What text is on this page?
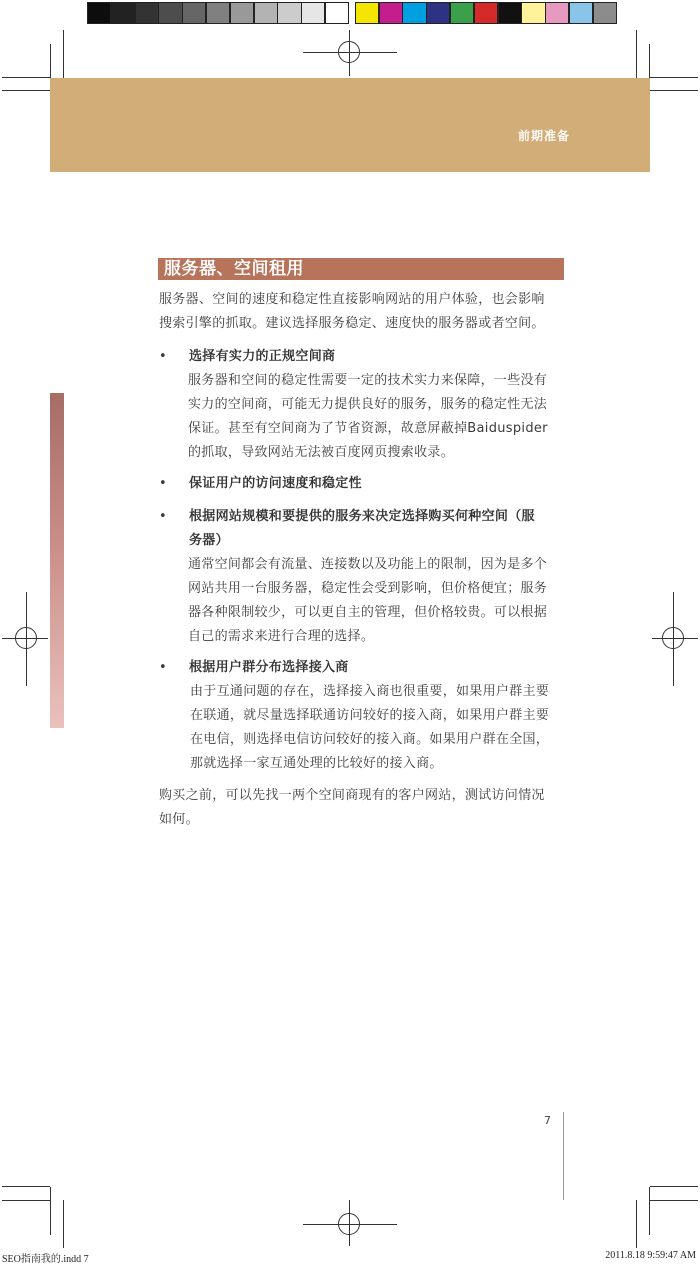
前期准备
服务器、空间租用
服务器、空间的速度和稳定性直接影响网站的用户体验，也会影响
搜索引擎的抓取。建议选择服务稳定、速度快的服务器或者空间。
• 选择有实力的正规空间商
服务器和空间的稳定性需要一定的技术实力来保障，一些没有
实力的空间商，可能无力提供良好的服务，服务的稳定性无法
保证。甚至有空间商为了节省资源，故意屏蔽掉Baiduspider
的抓取，导致网站无法被百度网页搜索收录。
• 保证用户的访问速度和稳定性
• 根据网站规模和要提供的服务来决定选择购买何种空间（服
务器）
通常空间都会有流量、连接数以及功能上的限制，因为是多个
网站共用一台服务器，稳定性会受到影响，但价格便宜；服务
器各种限制较少，可以更自主的管理，但价格较贵。可以根据
自己的需求来进行合理的选择。
• 根据用户群分布选择接入商
由于互通问题的存在，选择接入商也很重要，如果用户群主要
在联通，就尽量选择联通访问较好的接入商，如果用户群主要
在电信，则选择电信访问较好的接入商。如果用户群在全国，
那就选择一家互通处理的比较好的接入商。
购买之前，可以先找一两个空间商现有的客户网站，测试访问情况
如何。
7
SEO指南我的.indd 7	2011.8.18 9:59:47 AM
